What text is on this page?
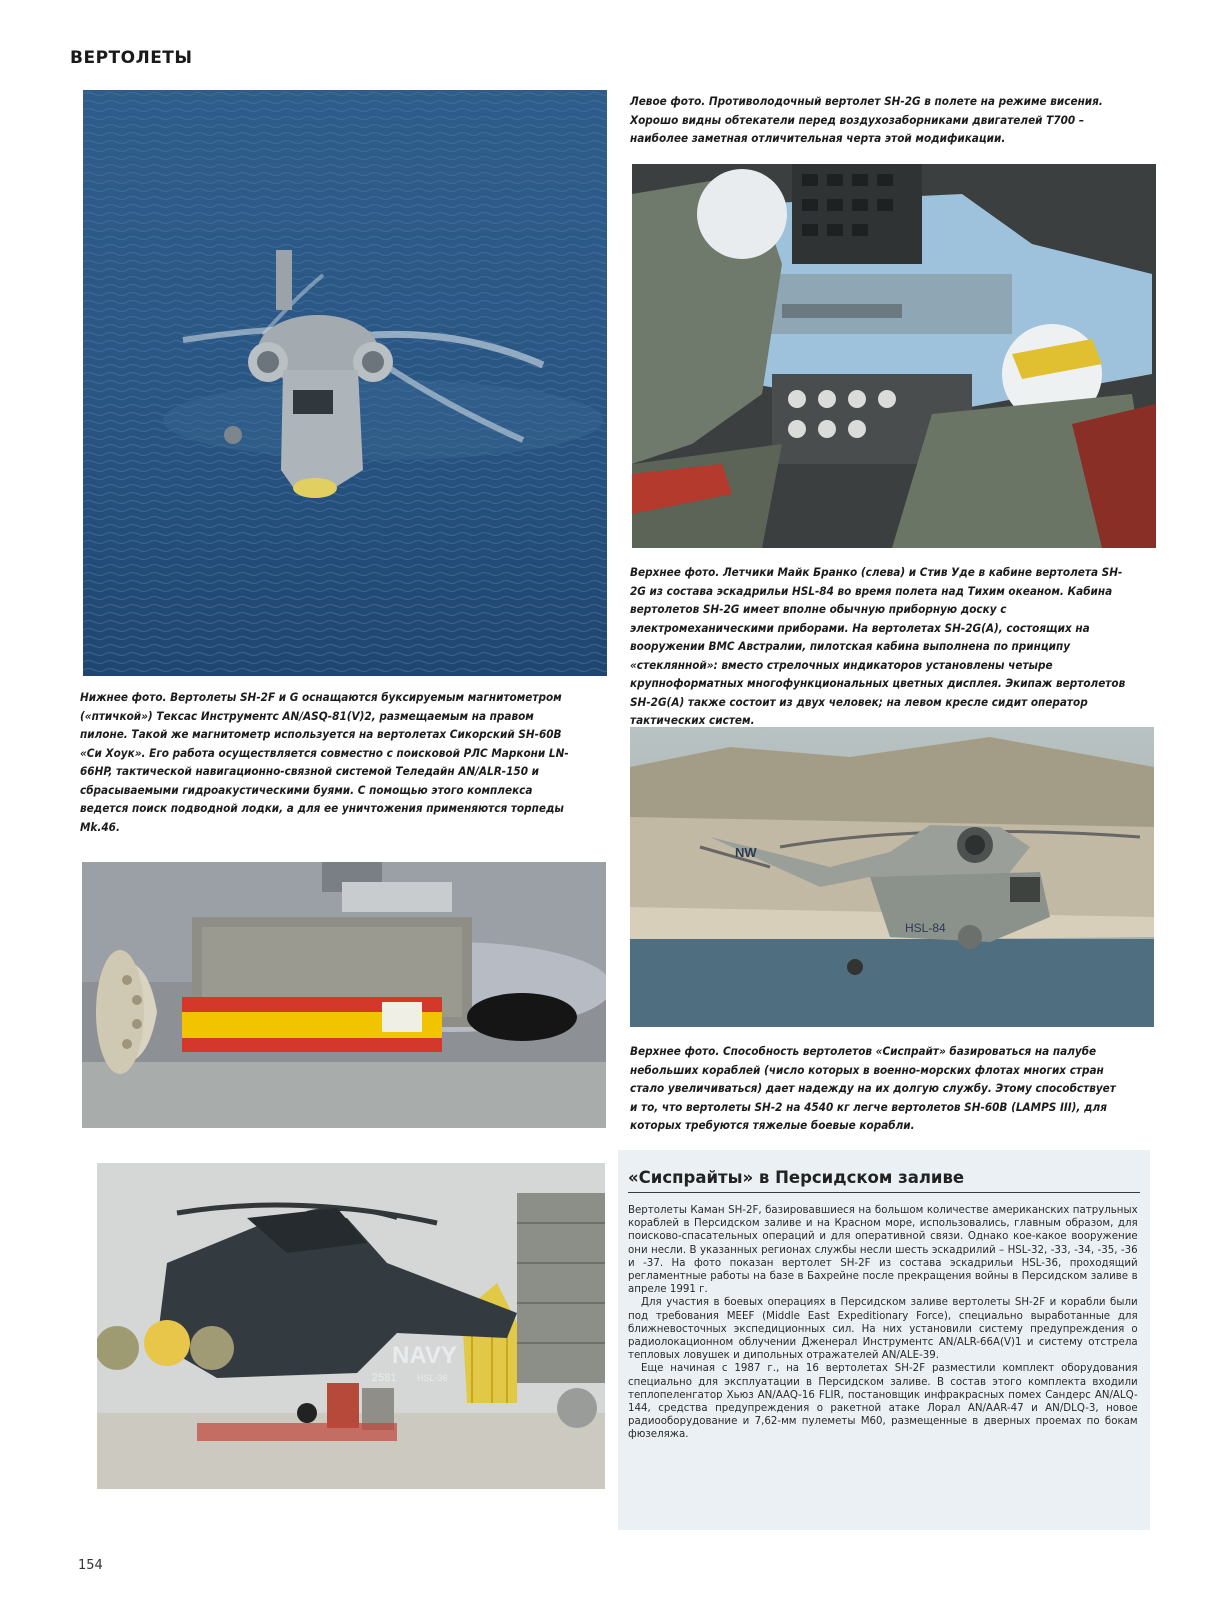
ВЕРТОЛЕТЫ
Левое фото. Противолодочный вертолет SH-2G в полете на режиме висения. Хорошо видны обтекатели перед воздухозаборниками двигателей Т700 – наиболее заметная отличительная черта этой модификации.
Верхнее фото. Летчики Майк Бранко (слева) и Стив Уде в кабине вертолета SH-2G из состава эскадрильи HSL-84 во время полета над Тихим океаном. Кабина вертолетов SH-2G имеет вполне обычную приборную доску с электромеханическими приборами. На вертолетах SH-2G(A), состоящих на вооружении ВМС Австралии, пилотская кабина выполнена по принципу «стеклянной»: вместо стрелочных индикаторов установлены четыре крупноформатных многофункциональных цветных дисплея. Экипаж вертолетов SH-2G(A) также состоит из двух человек; на левом кресле сидит оператор тактических систем.
Нижнее фото. Вертолеты SH-2F и G оснащаются буксируемым магнитометром («птичкой») Тексас Инструментс AN/ASQ-81(V)2, размещаемым на правом пилоне. Такой же магнитометр используется на вертолетах Сикорский SH-60B «Си Хоук». Его работа осуществляется совместно с поисковой РЛС Маркони LN-66HP, тактической навигационно-связной системой Теледайн AN/ALR-150 и сбрасываемыми гидроакустическими буями. С помощью этого комплекса ведется поиск подводной лодки, а для ее уничтожения применяются торпеды Mk.46.
NW
HSL-84
Верхнее фото. Способность вертолетов «Сиспрайт» базироваться на палубе небольших кораблей (число которых в военно-морских флотах многих стран стало увеличиваться) дает надежду на их долгую службу. Этому способствует и то, что вертолеты SH-2 на 4540 кг легче вертолетов SH-60B (LAMPS III), для которых требуются тяжелые боевые корабли.
NAVY
2581 HSL-36
«Сиспрайты» в Персидском заливе

Вертолеты Каман SH-2F, базировавшиеся на большом количестве американских патрульных кораблей в Персидском заливе и на Красном море, использовались, главным образом, для поисково-спасательных операций и для оперативной связи. Однако кое-какое вооружение они несли. В указанных регионах службы несли шесть эскадрилий – HSL-32, -33, -34, -35, -36 и -37. На фото показан вертолет SH-2F из состава эскадрильи HSL-36, проходящий регламентные работы на базе в Бахрейне после прекращения войны в Персидском заливе в апреле 1991 г.

Для участия в боевых операциях в Персидском заливе вертолеты SH-2F и корабли были под требования MEEF (Middle East Expeditionary Force), специально выработанные для ближневосточных экспедиционных сил. На них установили систему предупреждения о радиолокационном облучении Дженерал Инструментс AN/ALR-66A(V)1 и систему отстрела тепловых ловушек и дипольных отражателей AN/ALE-39.

Еще начиная с 1987 г., на 16 вертолетах SH-2F разместили комплект оборудования специально для эксплуатации в Персидском заливе. В состав этого комплекта входили теплопеленгатор Хьюз AN/AAQ-16 FLIR, постановщик инфракрасных помех Сандерс AN/ALQ-144, средства предупреждения о ракетной атаке Лорал AN/AAR-47 и AN/DLQ-3, новое радиооборудование и 7,62-мм пулеметы M60, размещенные в дверных проемах по бокам фюзеляжа.

154
